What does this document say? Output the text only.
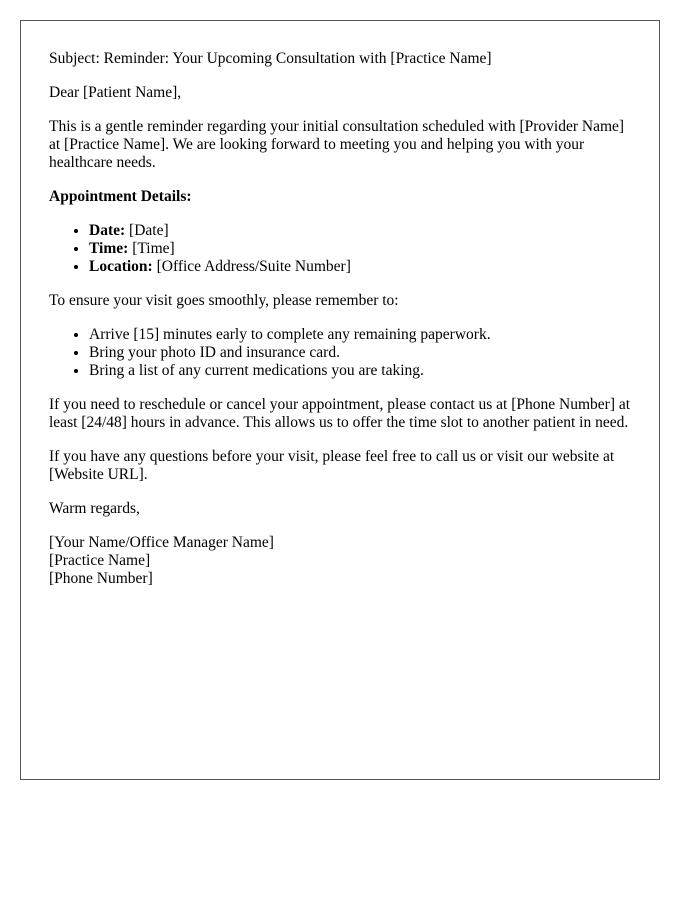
Subject: Reminder: Your Upcoming Consultation with [Practice Name]

Dear [Patient Name],

This is a gentle reminder regarding your initial consultation scheduled with [Provider Name] at [Practice Name]. We are looking forward to meeting you and helping you with your healthcare needs.

Appointment Details:
• Date: [Date]
• Time: [Time]
• Location: [Office Address/Suite Number]

To ensure your visit goes smoothly, please remember to:

• Arrive [15] minutes early to complete any remaining paperwork.
• Bring your photo ID and insurance card.
• Bring a list of any current medications you are taking.

If you need to reschedule or cancel your appointment, please contact us at [Phone Number] at least [24/48] hours in advance. This allows us to offer the time slot to another patient in need.

If you have any questions before your visit, please feel free to call us or visit our website at [Website URL].

Warm regards,

[Your Name/Office Manager Name]
[Practice Name]
[Phone Number]
